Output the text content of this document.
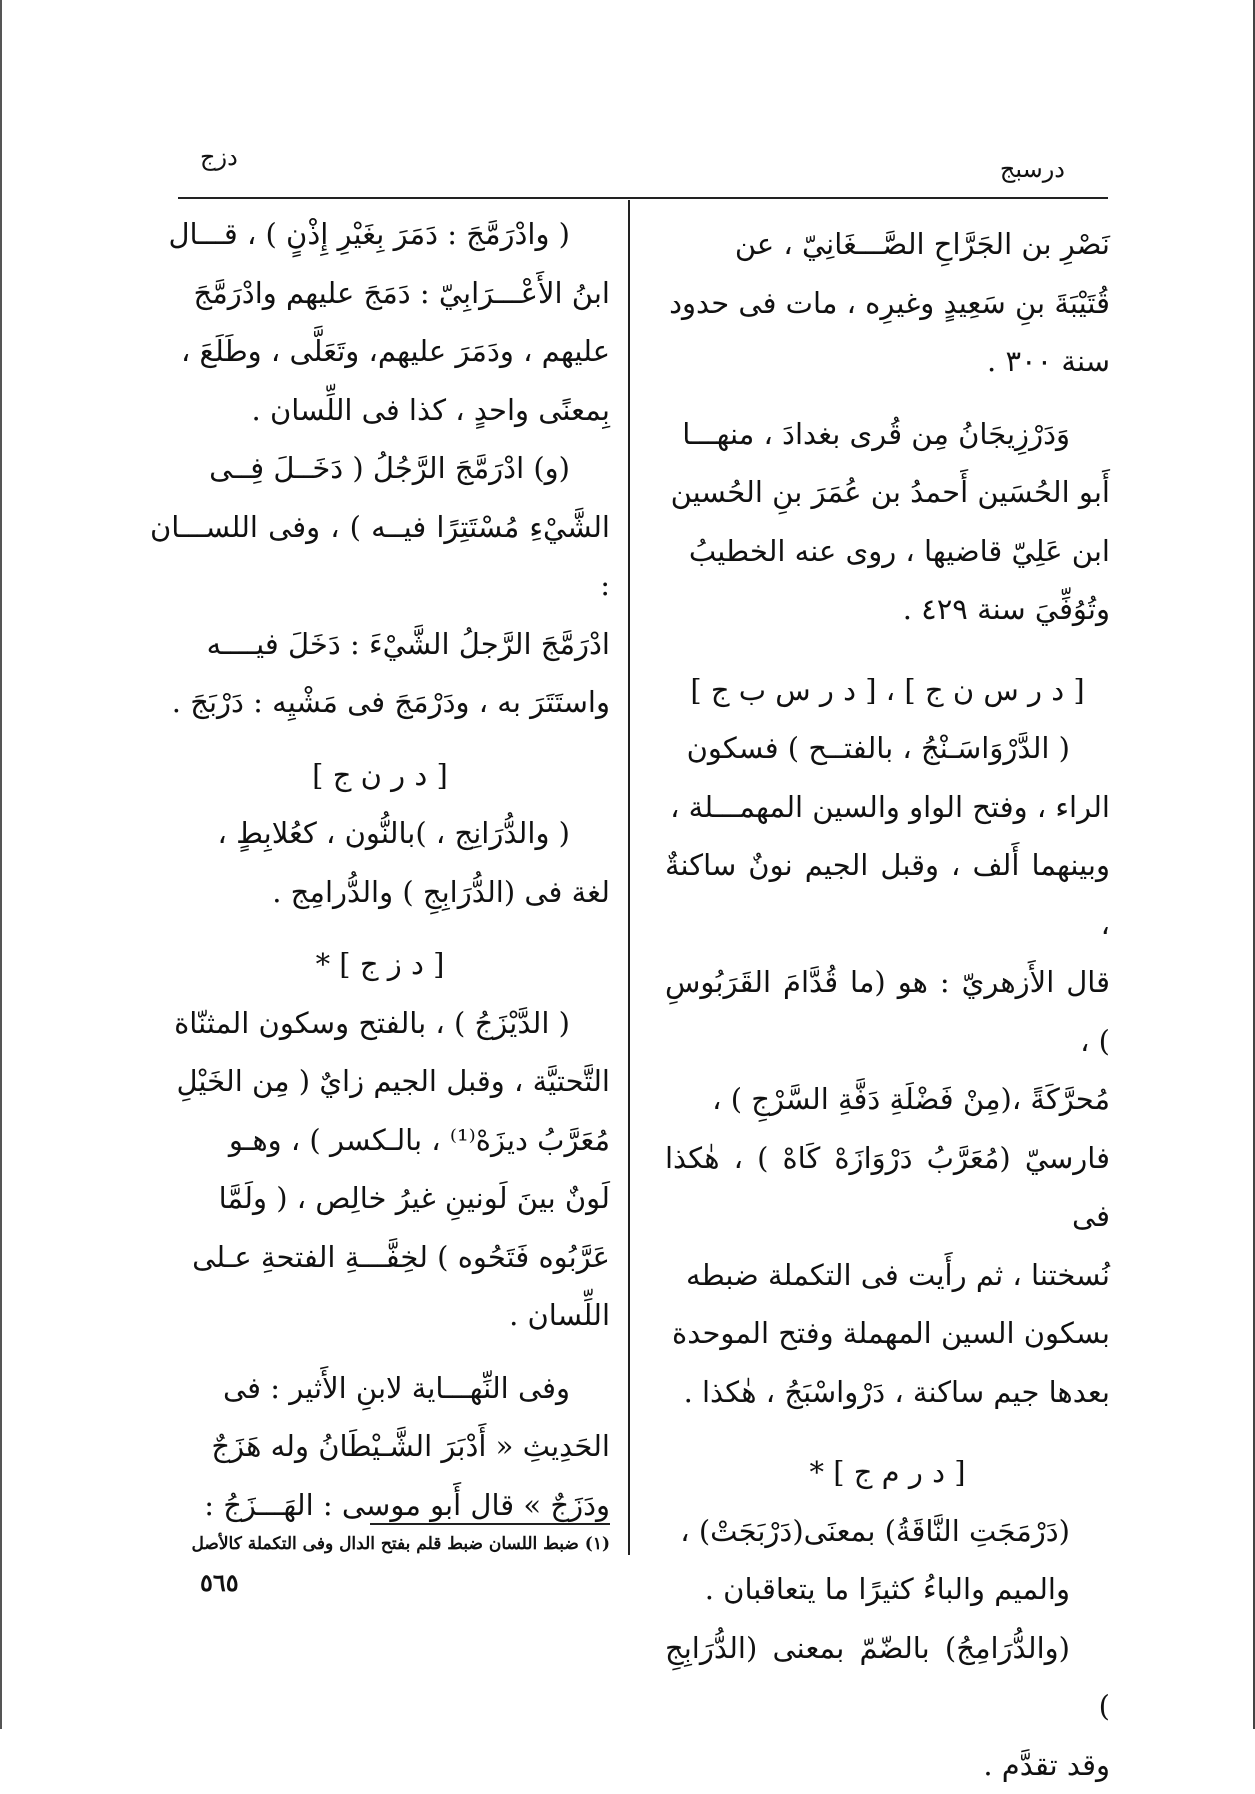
درسبج
دزج

نَصْرِ بن الجَرَّاحِ الصَّـــغَانِيّ ، عن

قُتَيْبَةَ بنِ سَعِيدٍ وغيرِه ، مات فى حدود

سنة ٣٠٠ .

وَدَرْزِيجَانُ مِن قُرى بغدادَ ، منهـــا

أَبو الحُسَين أَحمدُ بن عُمَرَ بنِ الحُسين

ابن عَلِيّ قاضيها ، روى عنه الخطيبُ

وتُوُفِّيَ سنة ٤٢٩ .

[ د ر س ن ج ] ، [ د ر س ب ج ]

( الدَّرْوَاسَـنْجُ ، بالفتــح ) فسكون

الراء ، وفتح الواو والسين المهمـــلة ،

وبينهما أَلف ، وقبل الجيم نونٌ ساكنةٌ ،

قال الأَزهريّ : هو (ما قُدَّامَ القَرَبُوسِ ) ،

مُحرَّكَةً ،(مِنْ فَضْلَةِ دَفَّةِ السَّرْجِ ) ،

فارسيّ (مُعَرَّبُ دَرْوَازَهْ كَاهْ ) ، هٰكذا فى

نُسختنا ، ثم رأَيت فى التكملة ضبطه

بسكون السين المهملة وفتح الموحدة

بعدها جيم ساكنة ، دَرْواسْبَجُ ، هٰكذا .

[ د ر م ج ] *

(دَرْمَجَتِ النَّاقَةُ) بمعنَى(دَرْبَجَتْ) ،

والميم والباءُ كثيرًا ما يتعاقبان .

(والدُّرَامِجُ) بالضّمّ بمعنى (الدُّرَابِجِ )

وقد تقدَّم .

( وادْرَمَّجَ : دَمَرَ بِغَيْرِ إِذْنٍ ) ، قـــال

ابنُ الأَعْـــرَابِيّ : دَمَجَ عليهم وادْرَمَّجَ

عليهم ، ودَمَرَ عليهم، وتَعَلَّى ، وطَلَعَ ،

بِمعنًى واحدٍ ، كذا فى اللِّسان .

(و) ادْرَمَّجَ الرَّجُلُ ( دَخَــلَ فِــى

الشَّيْءِ مُسْتَتِرًا فيــه ) ، وفى اللســـان :

ادْرَمَّجَ الرَّجلُ الشَّيْءَ : دَخَلَ فيــــه

واستَتَرَ به ، ودَرْمَجَ فى مَشْيِه : دَرْبَجَ .

[ د ر ن ج ]

( والدُّرَانِج ، )بالنُّون ، كعُلابِطٍ ،

لغة فى (الدُّرَابِجِ ) والدُّرامِج .

[ د ز ج ] *

( الدَّيْزَجُ ) ، بالفتح وسكون المثنّاة

التَّحتيَّة ، وقبل الجيم زايٌ ( مِن الخَيْلِ

مُعَرَّبُ ديزَهْ⁽¹⁾ ، بالـكسر ) ، وهـو

لَونٌ بينَ لَونينِ غيرُ خالِص ، ( ولَمَّا

عَرَّبُوه فَتَحُوه ) لخِفَّـــةِ الفتحةِ عـلى

اللِّسان .

وفى النِّهـــاية لابنِ الأَثير : فى

الحَدِيثِ « أَدْبَرَ الشَّـيْطَانُ وله هَزَجٌ

ودَزَجٌ » قال أَبو موسى : الهَـــزَجُ :

(١) ضبط اللسان ضبط قلم بفتح الدال وفى التكملة كالأصل
٥٦٥
